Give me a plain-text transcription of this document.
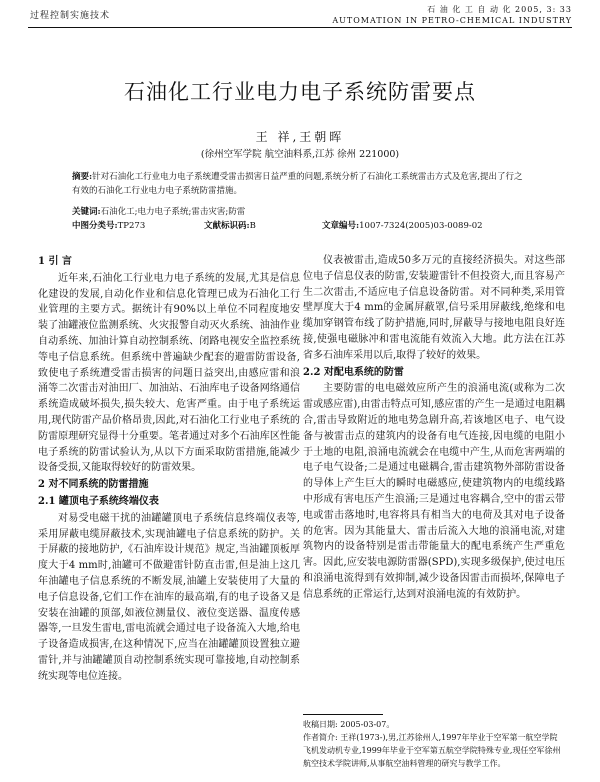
过程控制实施技术
石 油 化 工 自 动 化 2005, 3: 33
AUTOMATION IN PETRO-CHEMICAL INDUSTRY
石油化工行业电力电子系统防雷要点
王 祥,王朝晖
(徐州空军学院 航空油料系,江苏 徐州 221000)
摘要:针对石油化工行业电力电子系统遭受雷击损害日益严重的问题,系统分析了石油化工系统雷击方式及危害,提出了行之有效的石油化工行业电力电子系统防雷措施。
关键词:石油化工;电力电子系统;雷击灾害;防雷
中图分类号:TP273	文献标识码:B	文章编号:1007-7324(2005)03-0089-02
1 引 言

近年来,石油化工行业电力电子系统的发展,尤其是信息化建设的发展,自动化作业和信息化管理已成为石油化工行业管理的主要方式。据统计有90%以上单位不同程度地安装了油罐液位监测系统、火灾报警自动灭火系统、油油作业自动系统、加油计算自动控制系统、闭路电视安全监控系统等电子信息系统。但系统中普遍缺少配套的避雷防雷设备,致使电子系统遭受雷击损害的问题日益突出,由感应雷和浪涌等二次雷击对油田厂、加油站、石油库电子设备网络通信系统造成破坏损失,损失较大、危害严重。由于电子系统运用,现代防雷产品价格昂贵,因此,对石油化工行业电子系统的防雷原理研究显得十分重要。笔者通过对多个石油库区性能电子系统的防雷试验认为,从以下方面采取防雷措施,能减少设备受损,又能取得较好的防雷效果。

2 对不同系统的防雷措施
2.1 罐顶电子系统终端仪表

对易受电磁干扰的油罐罐顶电子系统信息终端仪表等,采用屏蔽电缆屏蔽技术,实现油罐电子信息系统的防护。关于屏蔽的接地防护,《石油库设计规范》规定,当油罐顶板厚度大于4 mm时,油罐可不做避雷针防直击雷,但是油上这几年油罐电子信息系统的不断发展,油罐上安装使用了大量的电子信息设备,它们工作在油库的最高端,有的电子设备又是安装在油罐的顶部,如液位测量仪、液位变送器、温度传感器等,一旦发生雷电,雷电流就会通过电子设备流入大地,给电子设备造成损害,在这种情况下,应当在油罐罐顶设置独立避雷针,并与油罐罐顶自动控制系统实现可靠接地,自动控制系统实现等电位连接。

仪表被雷击,造成50多万元的直接经济损失。对这些部位电子信息仪表的防雷,安装避雷针不但投资大,而且容易产生二次雷击,不适应电子信息设备防雷。对不同种类,采用管壁厚度大于4 mm的金属屏蔽罩,信号采用屏蔽线,绝缘和电缆加穿钢管布线了防护措施,同时,屏蔽导与接地电阻良好连接,使强电磁脉冲和雷电流能有效流入大地。此方法在江苏省多石油库采用以后,取得了较好的效果。

2.2 对配电系统的防雷

主要防雷的电电磁效应所产生的浪涌电流(或称为二次雷或感应雷),由雷击特点可知,感应雷的产生一是通过电阻耦合,雷击导致附近的地电势急剧升高,若该地区电子、电气设备与被雷击点的建筑内的设备有电气连接,因电缆的电阻小于土地的电阻,浪涌电流就会在电缆中产生,从而危害两端的电子电气设备;二是通过电磁耦合,雷击建筑物外部防雷设备的导体上产生巨大的瞬时电磁感应,使建筑物内的电缆线路中形成有害电压产生浪涌;三是通过电容耦合,空中的雷云带电或雷击落地时,电容将具有相当大的电荷及其对电子设备的危害。因为其能量大、雷击后流入大地的浪涌电流,对建筑物内的设备特别是雷击带能量大的配电系统产生严重危害。因此,应安装电源防雷器(SPD),实现多级保护,使过电压和浪涌电流得到有效抑制,减少设备因雷击而损坏,保障电子信息系统的正常运行,达到对浪涌电流的有效防护。

收稿日期: 2005-03-07。
作者简介: 王祥(1973-),男,江苏徐州人,1997年毕业于空军第一航空学院飞机发动机专业,1999年毕业于空军第五航空学院特殊专业,现任空军徐州航空技术学院讲师,从事航空油料管理的研究与教学工作。
